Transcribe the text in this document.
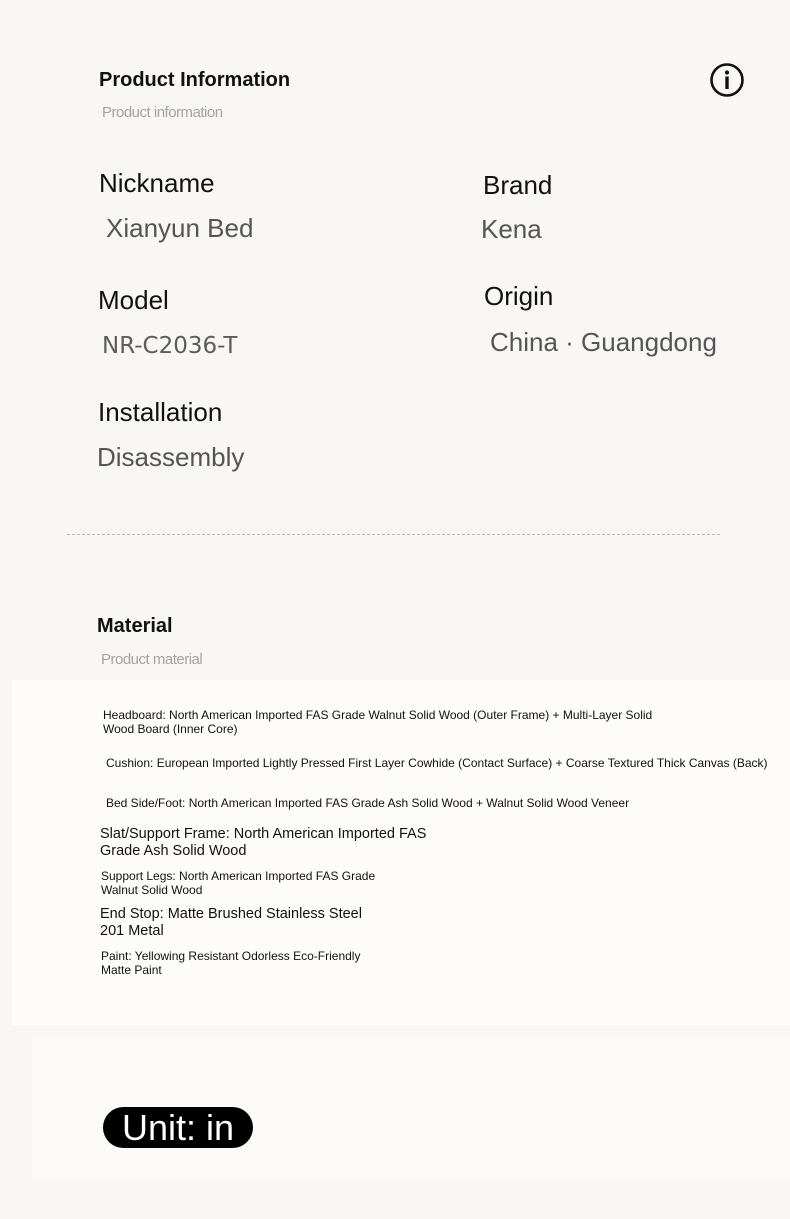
Product Information
Product information
Nickname
Xianyun Bed
Brand
Kena
Model
NR-C2036-T
Origin
China · Guangdong
Installation
Disassembly
Material
Product material
Headboard: North American Imported FAS Grade Walnut Solid Wood (Outer Frame) + Multi-Layer Solid Wood Board (Inner Core)
Cushion: European Imported Lightly Pressed First Layer Cowhide (Contact Surface) + Coarse Textured Thick Canvas (Back)
Bed Side/Foot: North American Imported FAS Grade Ash Solid Wood + Walnut Solid Wood Veneer
Slat/Support Frame: North American Imported FAS Grade Ash Solid Wood
Support Legs: North American Imported FAS Grade Walnut Solid Wood
End Stop: Matte Brushed Stainless Steel 201 Metal
Paint: Yellowing Resistant Odorless Eco-Friendly Matte Paint
Unit: in
